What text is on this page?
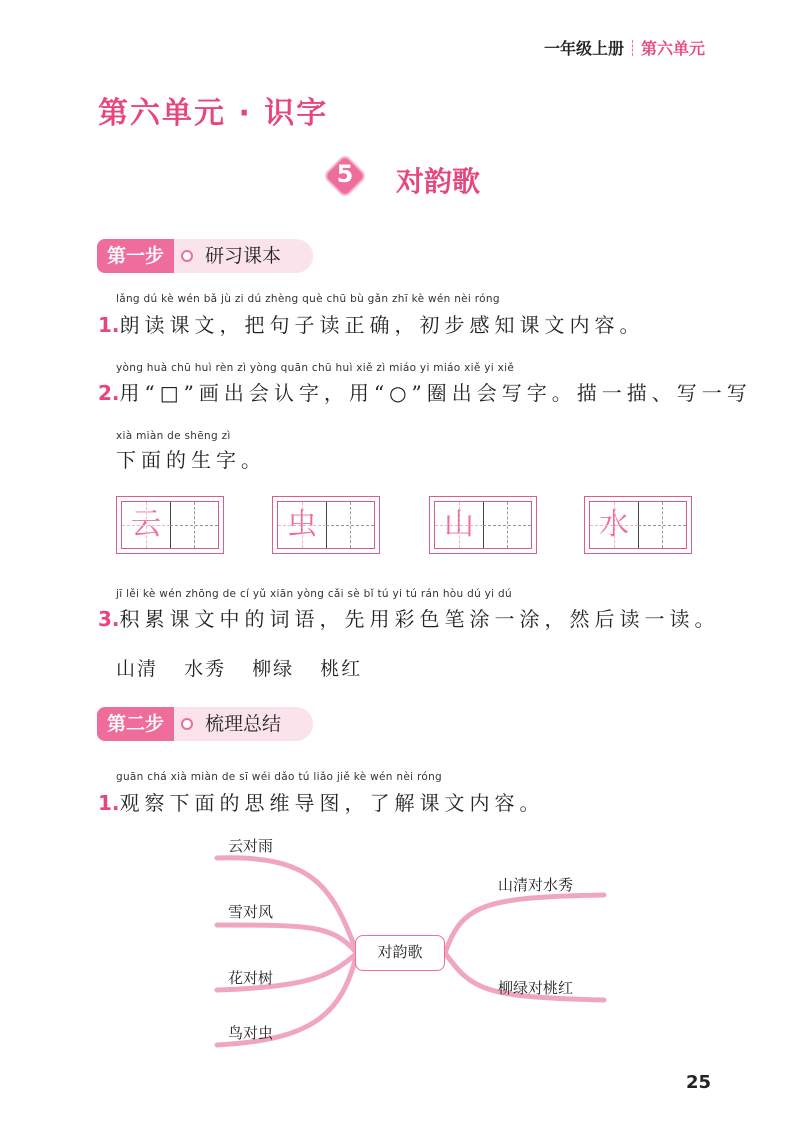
一年级上册 第六单元
第六单元 · 识字
5	对韵歌
第一步	研习课本
lǎng dú kè wén bǎ jù zi dú zhèng què chū bù gǎn zhī kè wén nèi róng
1.朗读课文，把句子读正确，初步感知课文内容。
yòng huà chū huì rèn zì yòng quān chū huì xiě zì miáo yi miáo xiě yi xiě
2.用“□”画出会认字，用“○”圈出会写字。描一描、写一写
xià miàn de shēng zì
下面的生字。
云	虫	山	水
jī lěi kè wén zhōng de cí yǔ xiān yòng cǎi sè bǐ tú yi tú rán hòu dú yi dú
3.积累课文中的词语，先用彩色笔涂一涂，然后读一读。
山清 水秀 柳绿 桃红
第二步	梳理总结
guān chá xià miàn de sī wéi dǎo tú liǎo jiě kè wén nèi róng
1.观察下面的思维导图，了解课文内容。
对韵歌
云对雨
雪对风
花对树
鸟对虫
山清对水秀
柳绿对桃红
25
